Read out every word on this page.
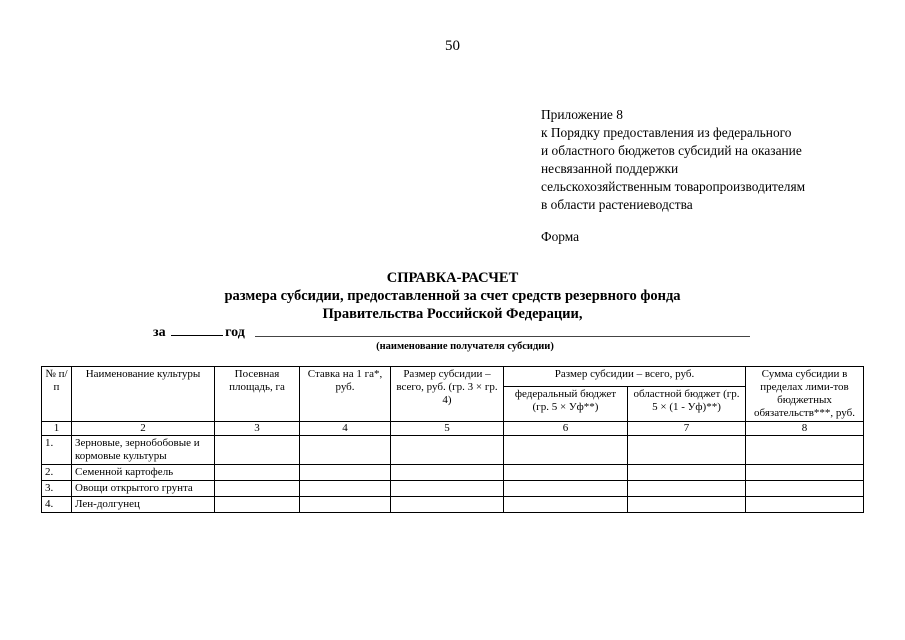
50
Приложение 8
к Порядку предоставления из федерального
и областного бюджетов субсидий на оказание
несвязанной поддержки
сельскохозяйственным товаропроизводителям
в области растениеводства
Форма
СПРАВКА-РАСЧЕТ
размера субсидии, предоставленной за счет средств резервного фонда
Правительства Российской Федерации,
за	год
(наименование получателя субсидии)
№ п/п	Наименование культуры	Посевная площадь, га	Ставка на 1 га*, руб.	Размер субсидии – всего, руб. (гр. 3 × гр. 4)	Размер субсидии – всего, руб.		Сумма субсидии в пределах лими-тов бюджетных обязательств***, руб.
					федеральный бюджет (гр. 5 × Уф**)	областной бюджет (гр. 5 × (1 - Уф)**)	
1	2	3	4	5	6	7	8
1.	Зерновые, зернобобовые и кормовые культуры						
2.	Семенной картофель						
3.	Овощи открытого грунта						
4.	Лен-долгунец						
